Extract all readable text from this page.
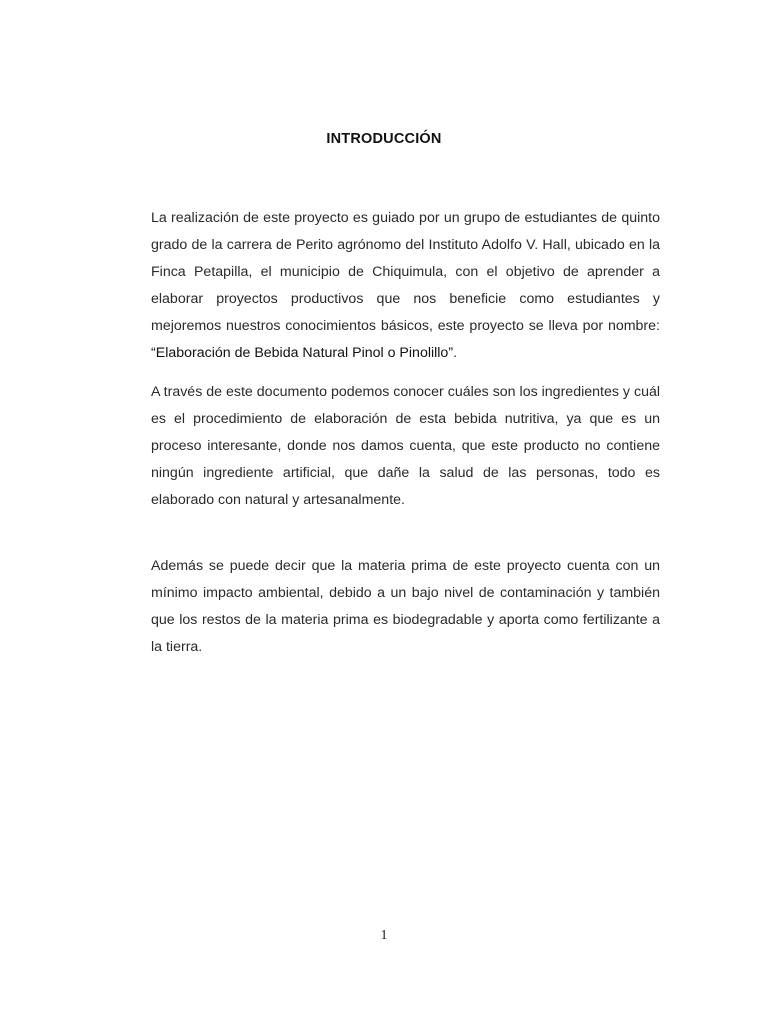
INTRODUCCIÓN

La realización de este proyecto es guiado por un grupo de estudiantes de quinto grado de la carrera de Perito agrónomo del Instituto Adolfo V. Hall, ubicado en la Finca Petapilla, el municipio de Chiquimula, con el objetivo de aprender a elaborar proyectos productivos que nos beneficie como estudiantes y mejoremos nuestros conocimientos básicos, este proyecto se lleva por nombre: “Elaboración de Bebida Natural Pinol o Pinolillo”.

A través de este documento podemos conocer cuáles son los ingredientes y cuál es el procedimiento de elaboración de esta bebida nutritiva, ya que es un proceso interesante, donde nos damos cuenta, que este producto no contiene ningún ingrediente artificial, que dañe la salud de las personas, todo es elaborado con natural y artesanalmente.

Además se puede decir que la materia prima de este proyecto cuenta con un mínimo impacto ambiental, debido a un bajo nivel de contaminación y también que los restos de la materia prima es biodegradable y aporta como fertilizante a la tierra.

1
